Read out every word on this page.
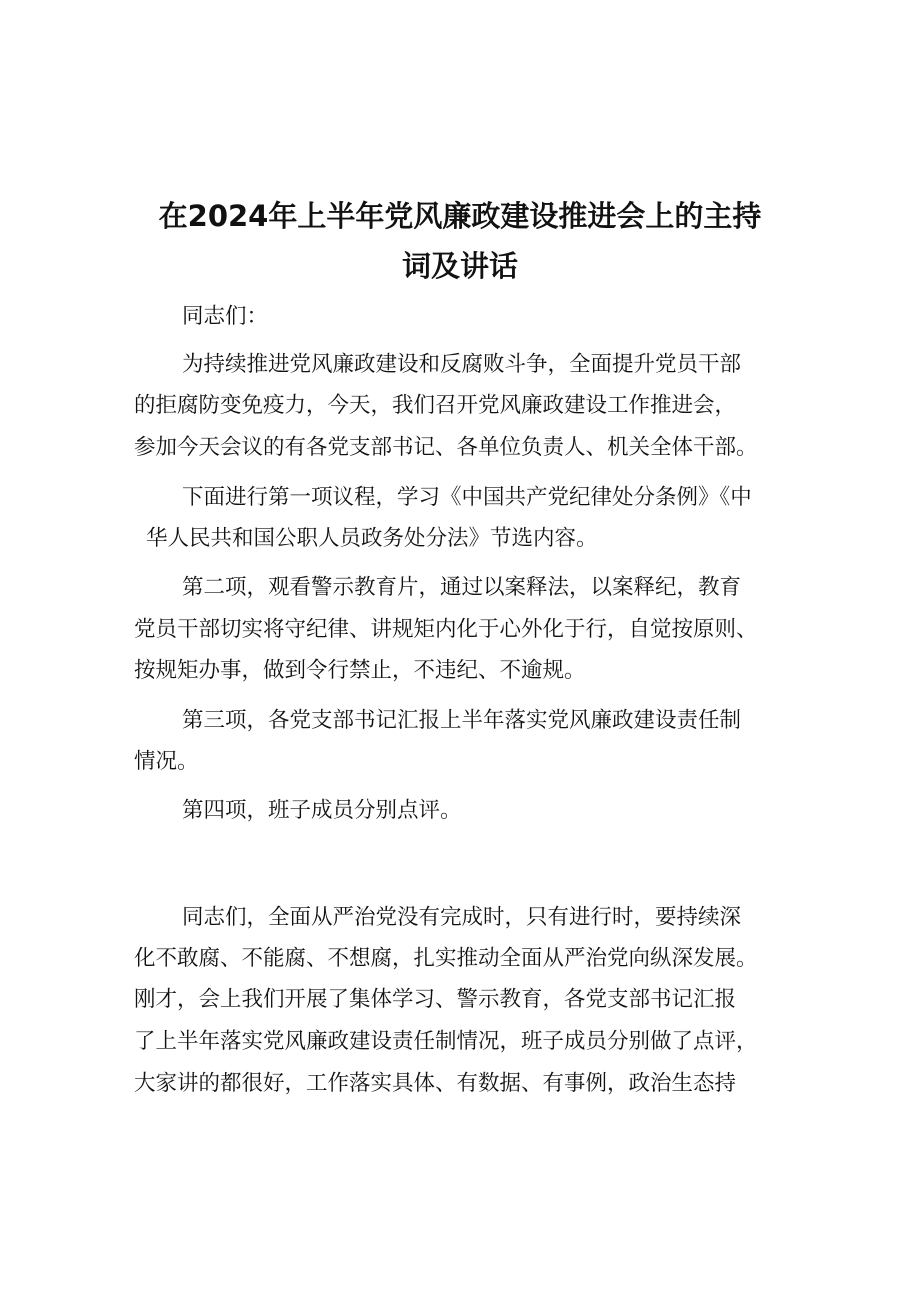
在2024年上半年党风廉政建设推进会上的主持
词及讲话
同志们：
为持续推进党风廉政建设和反腐败斗争，全面提升党员干部
的拒腐防变免疫力，今天，我们召开党风廉政建设工作推进会，
参加今天会议的有各党支部书记、各单位负责人、机关全体干部。
下面进行第一项议程，学习《中国共产党纪律处分条例》《中
华人民共和国公职人员政务处分法》节选内容。
第二项，观看警示教育片，通过以案释法，以案释纪，教育
党员干部切实将守纪律、讲规矩内化于心外化于行，自觉按原则、
按规矩办事，做到令行禁止，不违纪、不逾规。
第三项，各党支部书记汇报上半年落实党风廉政建设责任制
情况。
第四项，班子成员分别点评。
同志们，全面从严治党没有完成时，只有进行时，要持续深
化不敢腐、不能腐、不想腐，扎实推动全面从严治党向纵深发展。
刚才，会上我们开展了集体学习、警示教育，各党支部书记汇报
了上半年落实党风廉政建设责任制情况，班子成员分别做了点评，
大家讲的都很好，工作落实具体、有数据、有事例，政治生态持
